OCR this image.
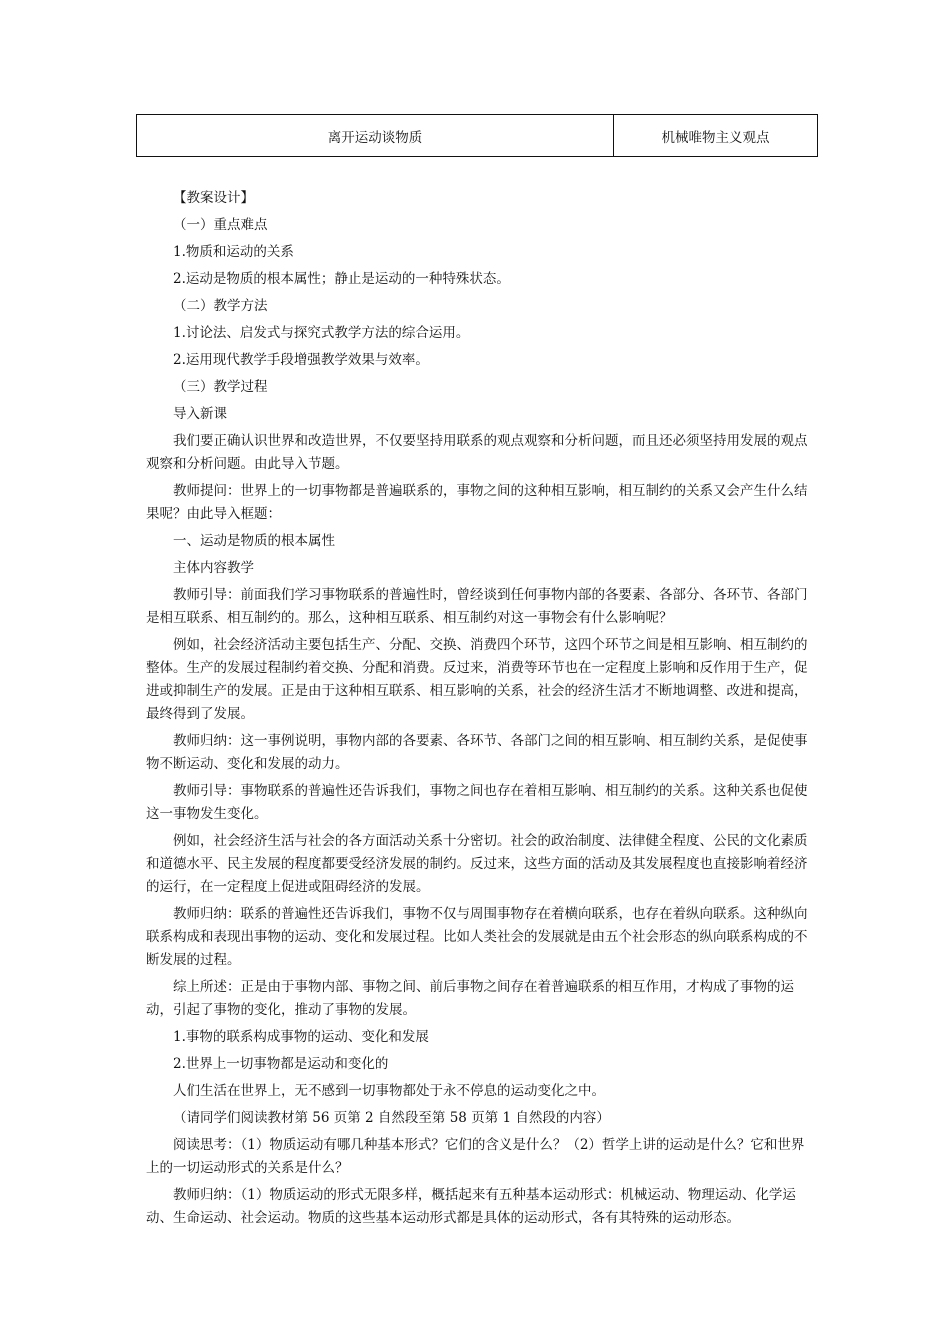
离开运动谈物质	机械唯物主义观点

【教案设计】

（一）重点难点

1.物质和运动的关系

2.运动是物质的根本属性；静止是运动的一种特殊状态。

（二）教学方法

1.讨论法、启发式与探究式教学方法的综合运用。

2.运用现代教学手段增强教学效果与效率。

（三）教学过程

导入新课

我们要正确认识世界和改造世界，不仅要坚持用联系的观点观察和分析问题，而且还必须坚持用发展的观点观察和分析问题。由此导入节题。

教师提问：世界上的一切事物都是普遍联系的，事物之间的这种相互影响，相互制约的关系又会产生什么结果呢？由此导入框题：

一、运动是物质的根本属性

主体内容教学

教师引导：前面我们学习事物联系的普遍性时，曾经谈到任何事物内部的各要素、各部分、各环节、各部门是相互联系、相互制约的。那么，这种相互联系、相互制约对这一事物会有什么影响呢？

例如，社会经济活动主要包括生产、分配、交换、消费四个环节，这四个环节之间是相互影响、相互制约的整体。生产的发展过程制约着交换、分配和消费。反过来，消费等环节也在一定程度上影响和反作用于生产，促进或抑制生产的发展。正是由于这种相互联系、相互影响的关系，社会的经济生活才不断地调整、改进和提高，最终得到了发展。

教师归纳：这一事例说明，事物内部的各要素、各环节、各部门之间的相互影响、相互制约关系，是促使事物不断运动、变化和发展的动力。

教师引导：事物联系的普遍性还告诉我们，事物之间也存在着相互影响、相互制约的关系。这种关系也促使这一事物发生变化。

例如，社会经济生活与社会的各方面活动关系十分密切。社会的政治制度、法律健全程度、公民的文化素质和道德水平、民主发展的程度都要受经济发展的制约。反过来，这些方面的活动及其发展程度也直接影响着经济的运行，在一定程度上促进或阻碍经济的发展。

教师归纳：联系的普遍性还告诉我们，事物不仅与周围事物存在着横向联系，也存在着纵向联系。这种纵向联系构成和表现出事物的运动、变化和发展过程。比如人类社会的发展就是由五个社会形态的纵向联系构成的不断发展的过程。

综上所述：正是由于事物内部、事物之间、前后事物之间存在着普遍联系的相互作用，才构成了事物的运动，引起了事物的变化，推动了事物的发展。

1.事物的联系构成事物的运动、变化和发展

2.世界上一切事物都是运动和变化的

人们生活在世界上，无不感到一切事物都处于永不停息的运动变化之中。

（请同学们阅读教材第 56 页第 2 自然段至第 58 页第 1 自然段的内容）

阅读思考：（1）物质运动有哪几种基本形式？它们的含义是什么？（2）哲学上讲的运动是什么？它和世界上的一切运动形式的关系是什么？

教师归纳：（1）物质运动的形式无限多样，概括起来有五种基本运动形式：机械运动、物理运动、化学运动、生命运动、社会运动。物质的这些基本运动形式都是具体的运动形式，各有其特殊的运动形态。
